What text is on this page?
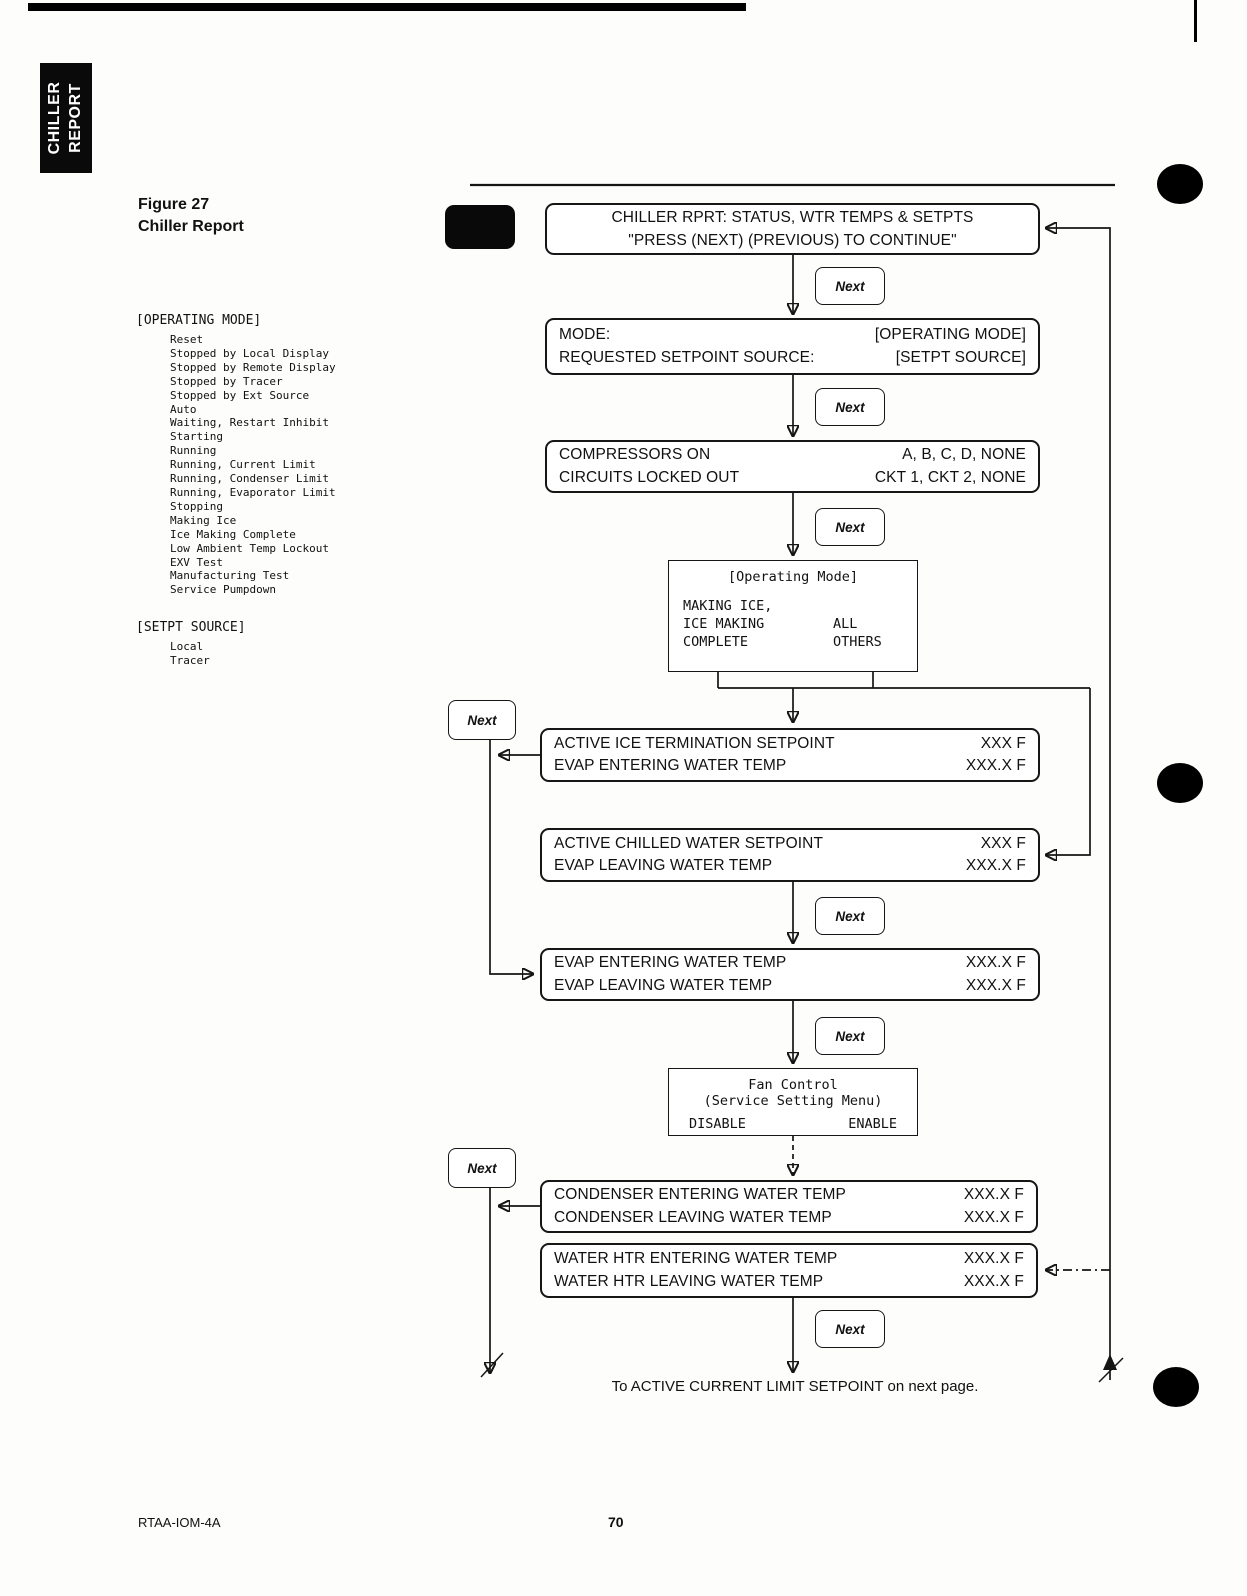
CHILLER REPORT
Figure 27
Chiller Report
[OPERATING MODE]
Reset
Stopped by Local Display
Stopped by Remote Display
Stopped by Tracer
Stopped by Ext Source
Auto
Waiting, Restart Inhibit
Starting
Running
Running, Current Limit
Running, Condenser Limit
Running, Evaporator Limit
Stopping
Making Ice
Ice Making Complete
Low Ambient Temp Lockout
EXV Test
Manufacturing Test
Service Pumpdown
[SETPT SOURCE]
Local
Tracer
CHILLER RPRT: STATUS, WTR TEMPS & SETPTS
"PRESS (NEXT) (PREVIOUS) TO CONTINUE"
Next
MODE:	[OPERATING MODE]
REQUESTED SETPOINT SOURCE:	[SETPT SOURCE]
Next
COMPRESSORS ON	A, B, C, D, NONE
CIRCUITS LOCKED OUT	CKT 1, CKT 2, NONE
Next
[Operating Mode]
MAKING ICE,
ICE MAKING	ALL
COMPLETE	OTHERS
Next
ACTIVE ICE TERMINATION SETPOINT	XXX F
EVAP ENTERING WATER TEMP	XXX.X F
ACTIVE CHILLED WATER SETPOINT	XXX F
EVAP LEAVING WATER TEMP	XXX.X F
Next
EVAP ENTERING WATER TEMP	XXX.X F
EVAP LEAVING WATER TEMP	XXX.X F
Next
Fan Control
(Service Setting Menu)
DISABLE	ENABLE
Next
CONDENSER ENTERING WATER TEMP	XXX.X F
CONDENSER LEAVING WATER TEMP	XXX.X F
WATER HTR ENTERING WATER TEMP	XXX.X F
WATER HTR LEAVING WATER TEMP	XXX.X F
Next
To ACTIVE CURRENT LIMIT SETPOINT on next page.
RTAA-IOM-4A	70
